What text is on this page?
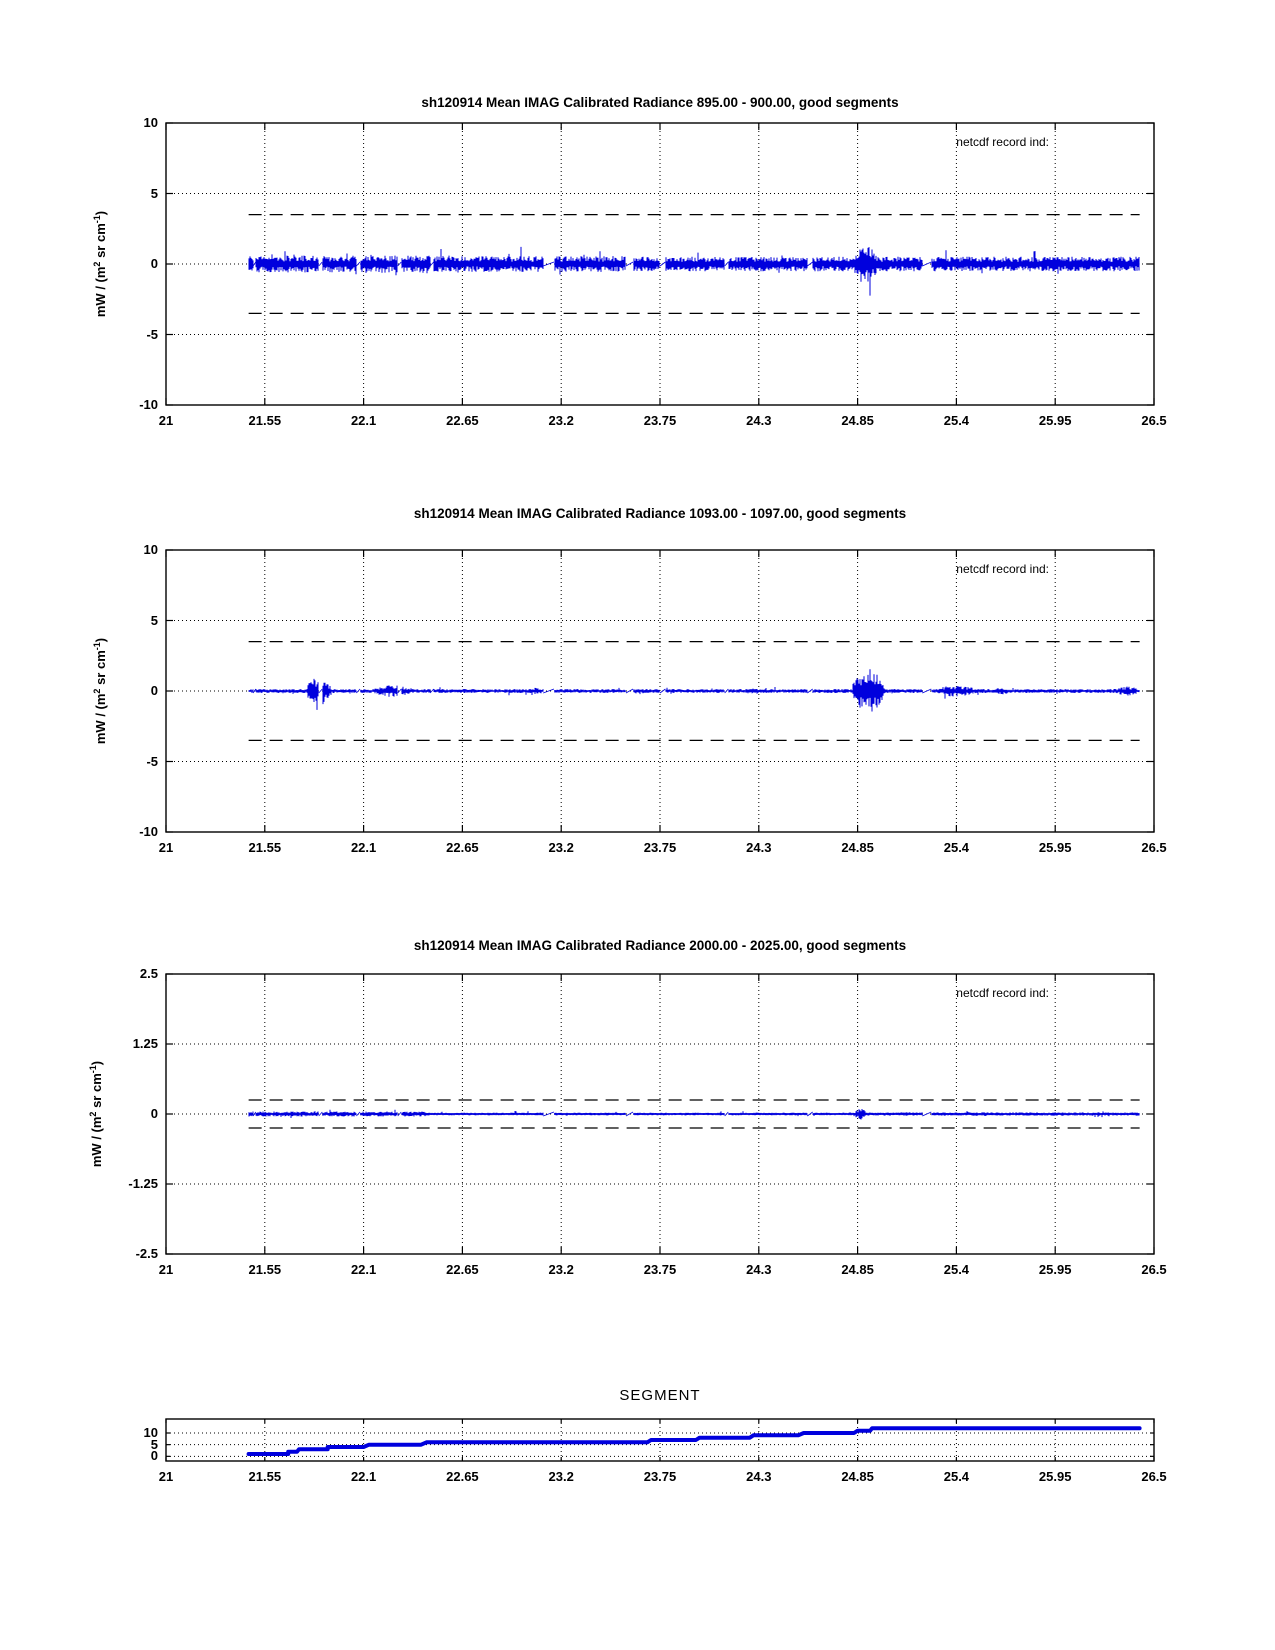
sh120914 Mean IMAG Calibrated Radiance 895.00 - 900.00, good segments
sh120914 Mean IMAG Calibrated Radiance 1093.00 - 1097.00, good segments
sh120914 Mean IMAG Calibrated Radiance 2000.00 - 2025.00, good segments
SEGMENT
netcdf record ind:
netcdf record ind:
netcdf record ind:
mW / ($m^2$ sr $cm^{-1}$)
mW / ($m^2$ sr $cm^{-1}$)
mW / ($m^2$ sr $cm^{-1}$)
21	21.55	22.1	22.65	23.2	23.75	24.3	24.85	25.4	25.95	26.5
10
5
0
-5
-10
21	21.55	22.1	22.65	23.2	23.75	24.3	24.85	25.4	25.95	26.5
10
5
0
-5
-10
21	21.55	22.1	22.65	23.2	23.75	24.3	24.85	25.4	25.95	26.5
2.5
1.25
0
-1.25
-2.5
21	21.55	22.1	22.65	23.2	23.75	24.3	24.85	25.4	25.95	26.5
10
5
0
